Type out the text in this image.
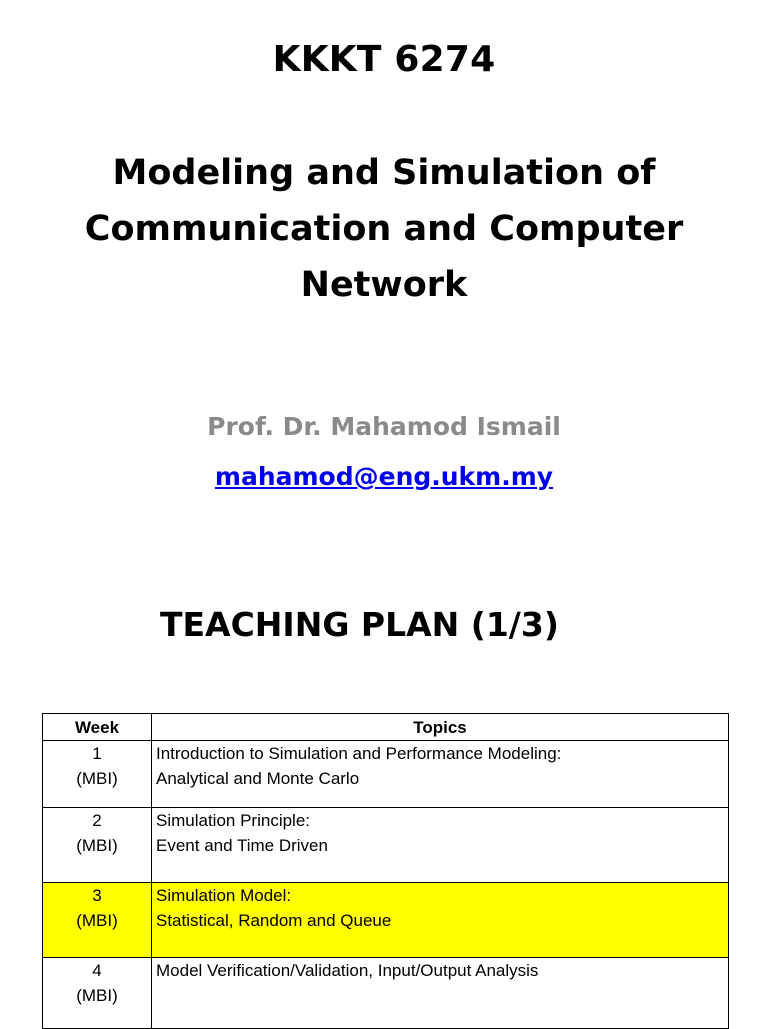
KKKT 6274
Modeling and Simulation of
Communication and Computer
Network
Prof. Dr. Mahamod Ismail
mahamod@eng.ukm.my
TEACHING PLAN (1/3)
Week	Topics

1
(MBI)	Introduction to Simulation and Performance Modeling:
Analytical and Monte Carlo

2
(MBI)	Simulation Principle:
Event and Time Driven

3
(MBI)	Simulation Model:
Statistical, Random and Queue

4
(MBI)	Model Verification/Validation, Input/Output Analysis
